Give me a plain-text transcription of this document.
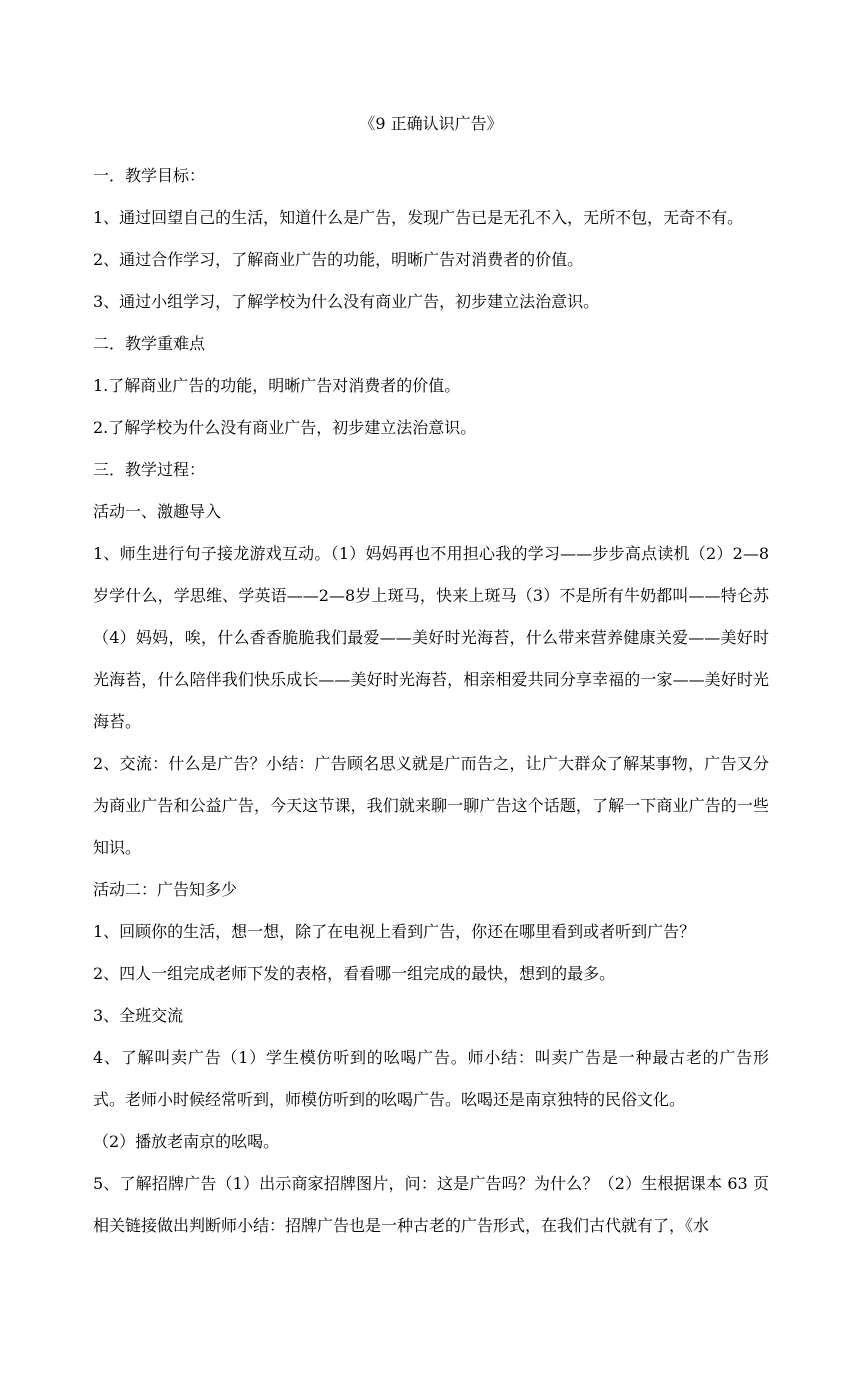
《9 正确认识广告》

一．教学目标：

1、通过回望自己的生活，知道什么是广告，发现广告已是无孔不入，无所不包，无奇不有。

2、通过合作学习，了解商业广告的功能，明晰广告对消费者的价值。

3、通过小组学习，了解学校为什么没有商业广告，初步建立法治意识。

二．教学重难点

1.了解商业广告的功能，明晰广告对消费者的价值。

2.了解学校为什么没有商业广告，初步建立法治意识。

三．教学过程：

活动一、激趣导入

1、师生进行句子接龙游戏互动。（1）妈妈再也不用担心我的学习——步步高点读机（2）2—8岁学什么，学思维、学英语——2—8岁上斑马，快来上斑马（3）不是所有牛奶都叫——特仑苏（4）妈妈，唉，什么香香脆脆我们最爱——美好时光海苔，什么带来营养健康关爱——美好时光海苔，什么陪伴我们快乐成长——美好时光海苔，相亲相爱共同分享幸福的一家——美好时光海苔。

2、交流：什么是广告？小结：广告顾名思义就是广而告之，让广大群众了解某事物，广告又分为商业广告和公益广告，今天这节课，我们就来聊一聊广告这个话题，了解一下商业广告的一些知识。

活动二：广告知多少

1、回顾你的生活，想一想，除了在电视上看到广告，你还在哪里看到或者听到广告？

2、四人一组完成老师下发的表格，看看哪一组完成的最快，想到的最多。

3、全班交流

4、了解叫卖广告（1）学生模仿听到的吆喝广告。师小结：叫卖广告是一种最古老的广告形式。老师小时候经常听到，师模仿听到的吆喝广告。吆喝还是南京独特的民俗文化。

（2）播放老南京的吆喝。

5、了解招牌广告（1）出示商家招牌图片，问：这是广告吗？为什么？（2）生根据课本 63 页相关链接做出判断师小结：招牌广告也是一种古老的广告形式，在我们古代就有了，《水
